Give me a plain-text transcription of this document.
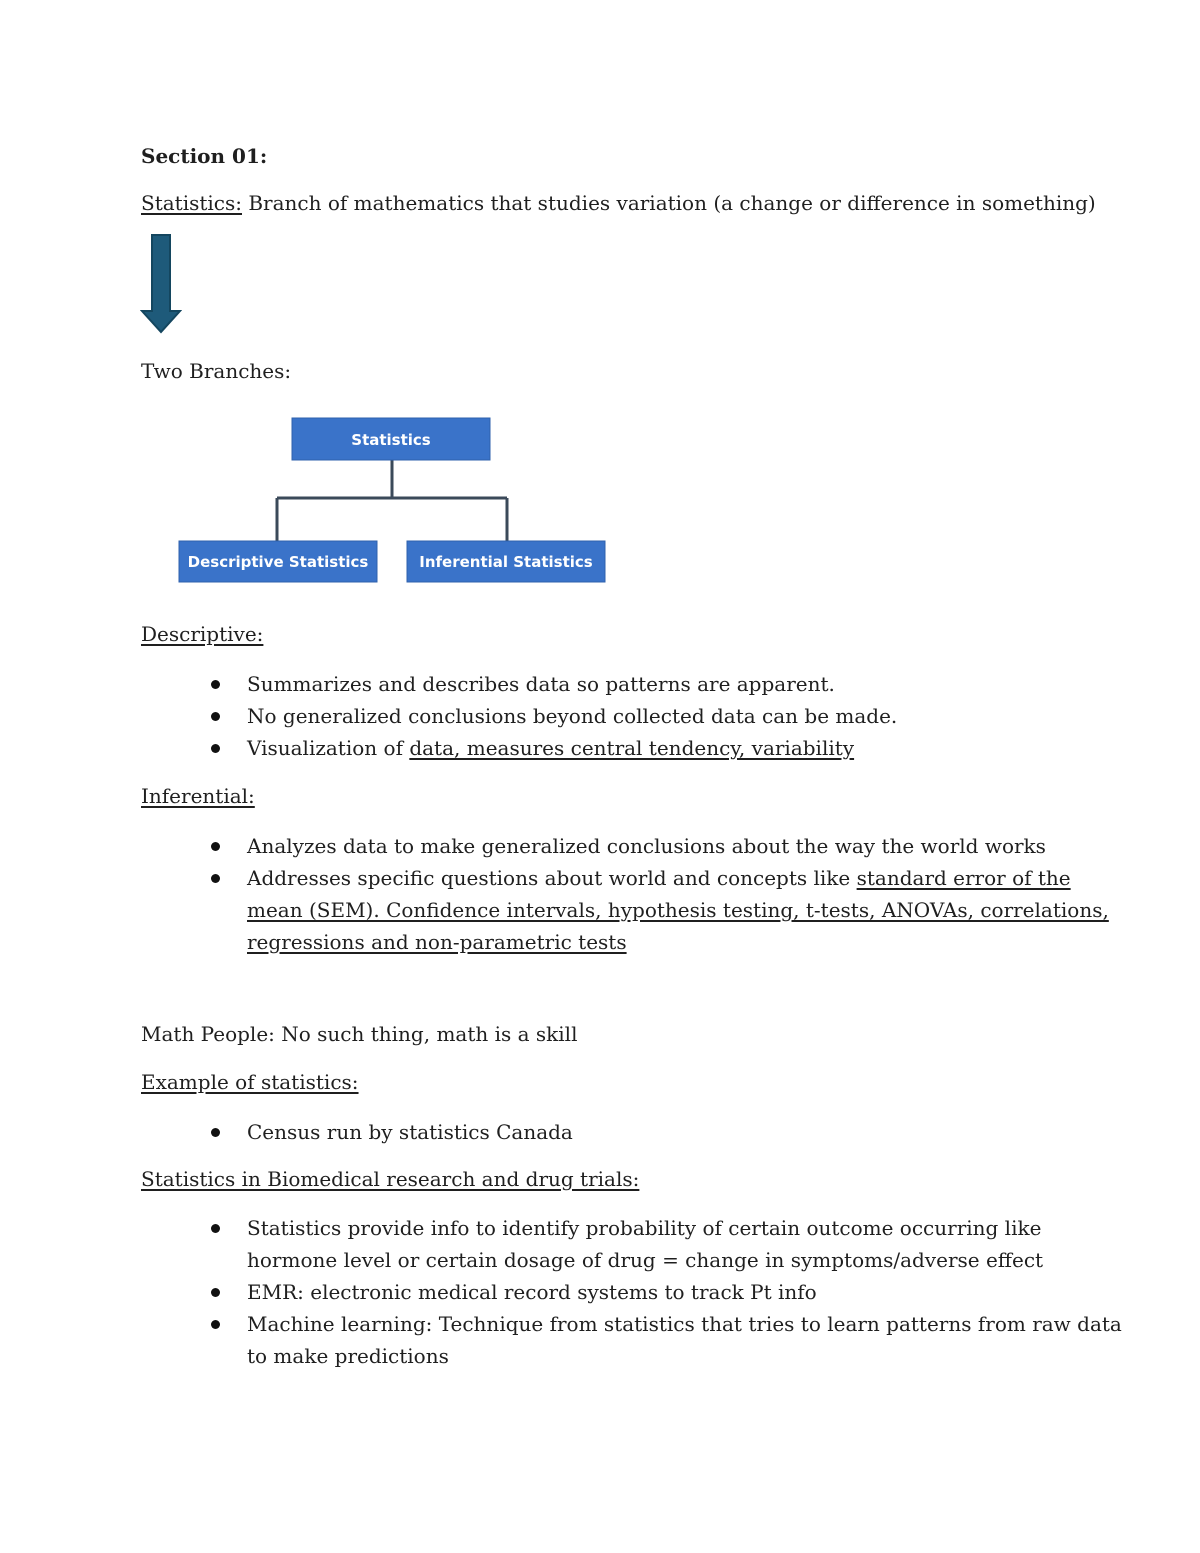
Section 01:
Statistics: Branch of mathematics that studies variation (a change or difference in something)
Two Branches:
Statistics
Descriptive Statistics	Inferential Statistics
Descriptive:
Summarizes and describes data so patterns are apparent.
No generalized conclusions beyond collected data can be made.
Visualization of data, measures central tendency, variability
Inferential:
Analyzes data to make generalized conclusions about the way the world works
Addresses specific questions about world and concepts like standard error of the
mean (SEM). Confidence intervals, hypothesis testing, t-tests, ANOVAs, correlations,
regressions and non-parametric tests
Math People: No such thing, math is a skill
Example of statistics:
Census run by statistics Canada
Statistics in Biomedical research and drug trials:
Statistics provide info to identify probability of certain outcome occurring like
hormone level or certain dosage of drug = change in symptoms/adverse effect
EMR: electronic medical record systems to track Pt info
Machine learning: Technique from statistics that tries to learn patterns from raw data
to make predictions
